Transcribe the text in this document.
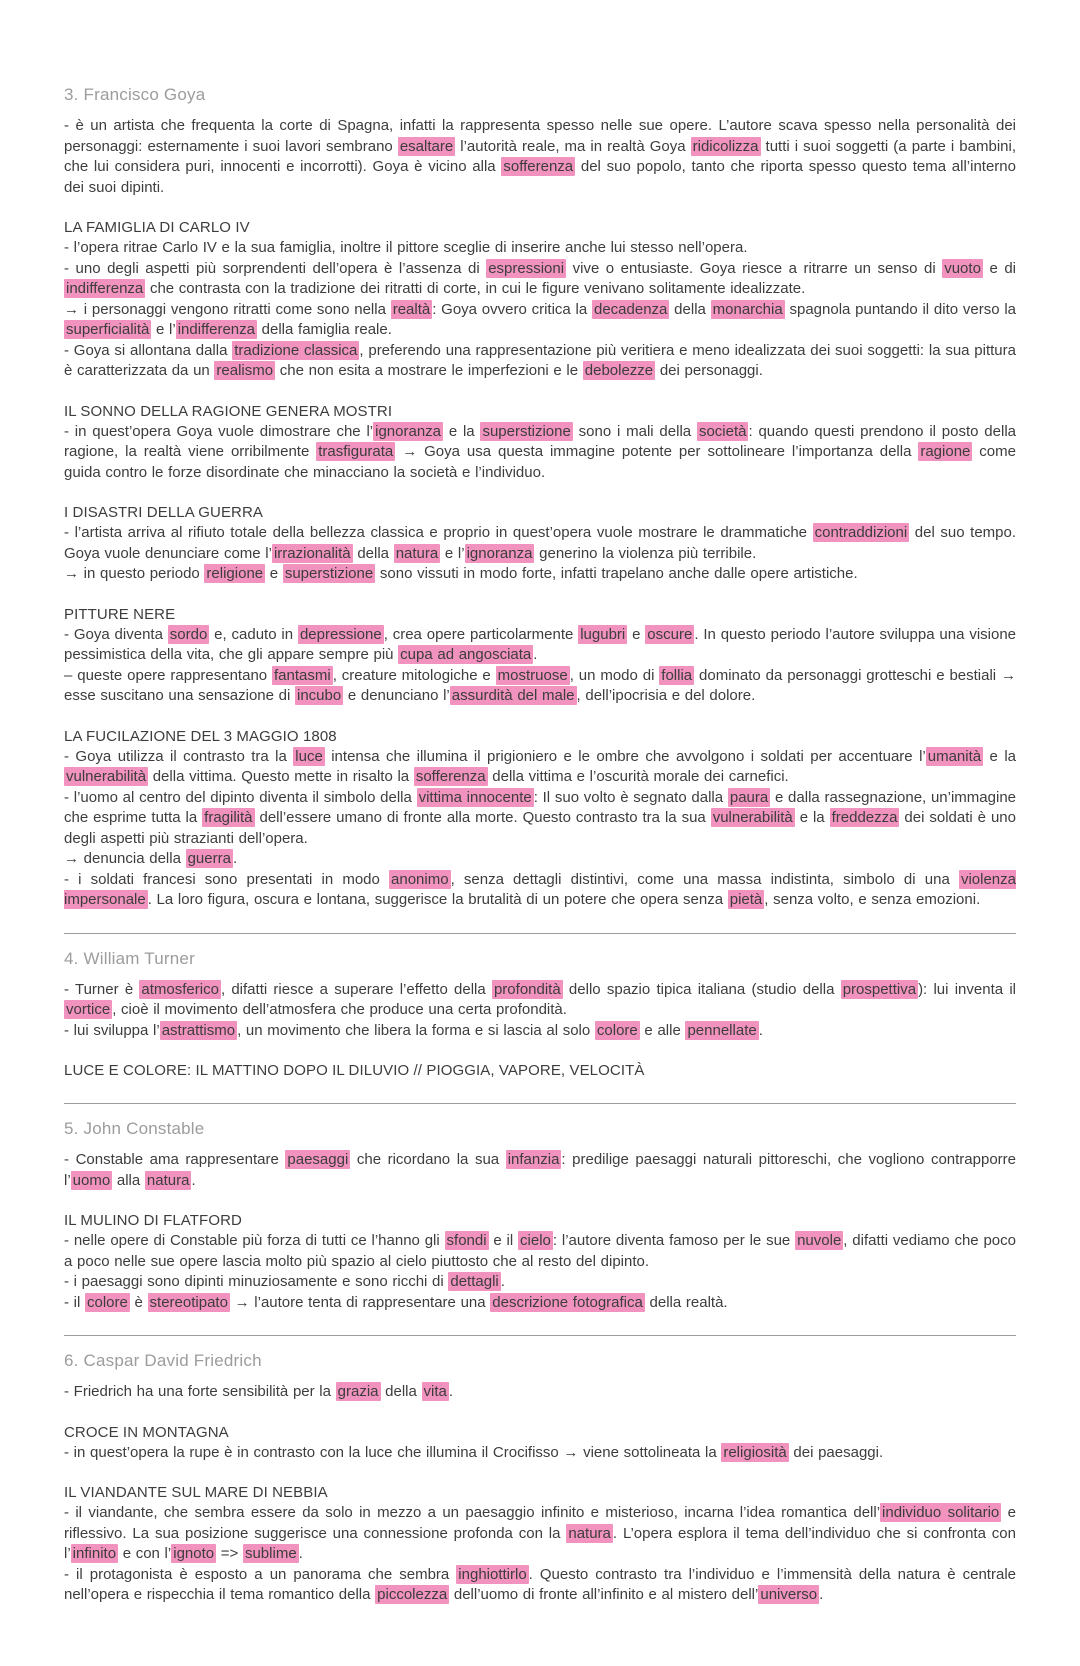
3. Francisco Goya
- è un artista che frequenta la corte di Spagna, infatti la rappresenta spesso nelle sue opere. L’autore scava spesso nella personalità dei personaggi: esternamente i suoi lavori sembrano esaltare l’autorità reale, ma in realtà Goya ridicolizza tutti i suoi soggetti (a parte i bambini, che lui considera puri, innocenti e incorrotti). Goya è vicino alla sofferenza del suo popolo, tanto che riporta spesso questo tema all’interno dei suoi dipinti.
LA FAMIGLIA DI CARLO IV
- l’opera ritrae Carlo IV e la sua famiglia, inoltre il pittore sceglie di inserire anche lui stesso nell’opera.
- uno degli aspetti più sorprendenti dell’opera è l’assenza di espressioni vive o entusiaste. Goya riesce a ritrarre un senso di vuoto e di indifferenza che contrasta con la tradizione dei ritratti di corte, in cui le figure venivano solitamente idealizzate.
→ i personaggi vengono ritratti come sono nella realtà : Goya ovvero critica la decadenza della monarchia spagnola puntando il dito verso la superficialità e l’ indifferenza della famiglia reale.
- Goya si allontana dalla tradizione classica , preferendo una rappresentazione più veritiera e meno idealizzata dei suoi soggetti: la sua pittura è caratterizzata da un realismo che non esita a mostrare le imperfezioni e le debolezze dei personaggi.
IL SONNO DELLA RAGIONE GENERA MOSTRI
- in quest’opera Goya vuole dimostrare che l’ ignoranza e la superstizione sono i mali della società : quando questi prendono il posto della ragione, la realtà viene orribilmente trasfigurata → Goya usa questa immagine potente per sottolineare l’importanza della ragione come guida contro le forze disordinate che minacciano la società e l’individuo.
I DISASTRI DELLA GUERRA
- l’artista arriva al rifiuto totale della bellezza classica e proprio in quest’opera vuole mostrare le drammatiche contraddizioni del suo tempo. Goya vuole denunciare come l’ irrazionalità della natura e l’ ignoranza generino la violenza più terribile.
→ in questo periodo religione e superstizione sono vissuti in modo forte, infatti trapelano anche dalle opere artistiche.
PITTURE NERE
- Goya diventa sordo e, caduto in depressione , crea opere particolarmente lugubri e oscure . In questo periodo l’autore sviluppa una visione pessimistica della vita, che gli appare sempre più cupa ad angosciata .
– queste opere rappresentano fantasmi , creature mitologiche e mostruose , un modo di follia dominato da personaggi grotteschi e bestiali → esse suscitano una sensazione di incubo e denunciano l’ assurdità del male , dell’ipocrisia e del dolore.
LA FUCILAZIONE DEL 3 MAGGIO 1808
- Goya utilizza il contrasto tra la luce intensa che illumina il prigioniero e le ombre che avvolgono i soldati per accentuare l’ umanità e la vulnerabilità della vittima. Questo mette in risalto la sofferenza della vittima e l’oscurità morale dei carnefici.
- l’uomo al centro del dipinto diventa il simbolo della vittima innocente : Il suo volto è segnato dalla paura e dalla rassegnazione, un’immagine che esprime tutta la fragilità dell’essere umano di fronte alla morte. Questo contrasto tra la sua vulnerabilità e la freddezza dei soldati è uno degli aspetti più strazianti dell’opera.
→ denuncia della guerra .
- i soldati francesi sono presentati in modo anonimo , senza dettagli distintivi, come una massa indistinta, simbolo di una violenza impersonale . La loro figura, oscura e lontana, suggerisce la brutalità di un potere che opera senza pietà , senza volto, e senza emozioni.
4. William Turner
- Turner è atmosferico , difatti riesce a superare l’effetto della profondità dello spazio tipica italiana (studio della prospettiva ): lui inventa il vortice , cioè il movimento dell’atmosfera che produce una certa profondità.
- lui sviluppa l’ astrattismo , un movimento che libera la forma e si lascia al solo colore e alle pennellate .
LUCE E COLORE: IL MATTINO DOPO IL DILUVIO // PIOGGIA, VAPORE, VELOCITÀ
5. John Constable
- Constable ama rappresentare paesaggi che ricordano la sua infanzia : predilige paesaggi naturali pittoreschi, che vogliono contrapporre l’ uomo alla natura .
IL MULINO DI FLATFORD
- nelle opere di Constable più forza di tutti ce l’hanno gli sfondi e il cielo : l’autore diventa famoso per le sue nuvole , difatti vediamo che poco a poco nelle sue opere lascia molto più spazio al cielo piuttosto che al resto del dipinto.
- i paesaggi sono dipinti minuziosamente e sono ricchi di dettagli .
- il colore è stereotipato → l’autore tenta di rappresentare una descrizione fotografica della realtà.
6. Caspar David Friedrich
- Friedrich ha una forte sensibilità per la grazia della vita .
CROCE IN MONTAGNA
- in quest’opera la rupe è in contrasto con la luce che illumina il Crocifisso → viene sottolineata la religiosità dei paesaggi.
IL VIANDANTE SUL MARE DI NEBBIA
- il viandante, che sembra essere da solo in mezzo a un paesaggio infinito e misterioso, incarna l’idea romantica dell’ individuo solitario e riflessivo. La sua posizione suggerisce una connessione profonda con la natura . L’opera esplora il tema dell’individuo che si confronta con l’ infinito e con l’ ignoto => sublime .
- il protagonista è esposto a un panorama che sembra inghiottirlo . Questo contrasto tra l’individuo e l’immensità della natura è centrale nell’opera e rispecchia il tema romantico della piccolezza dell’uomo di fronte all’infinito e al mistero dell’ universo .
